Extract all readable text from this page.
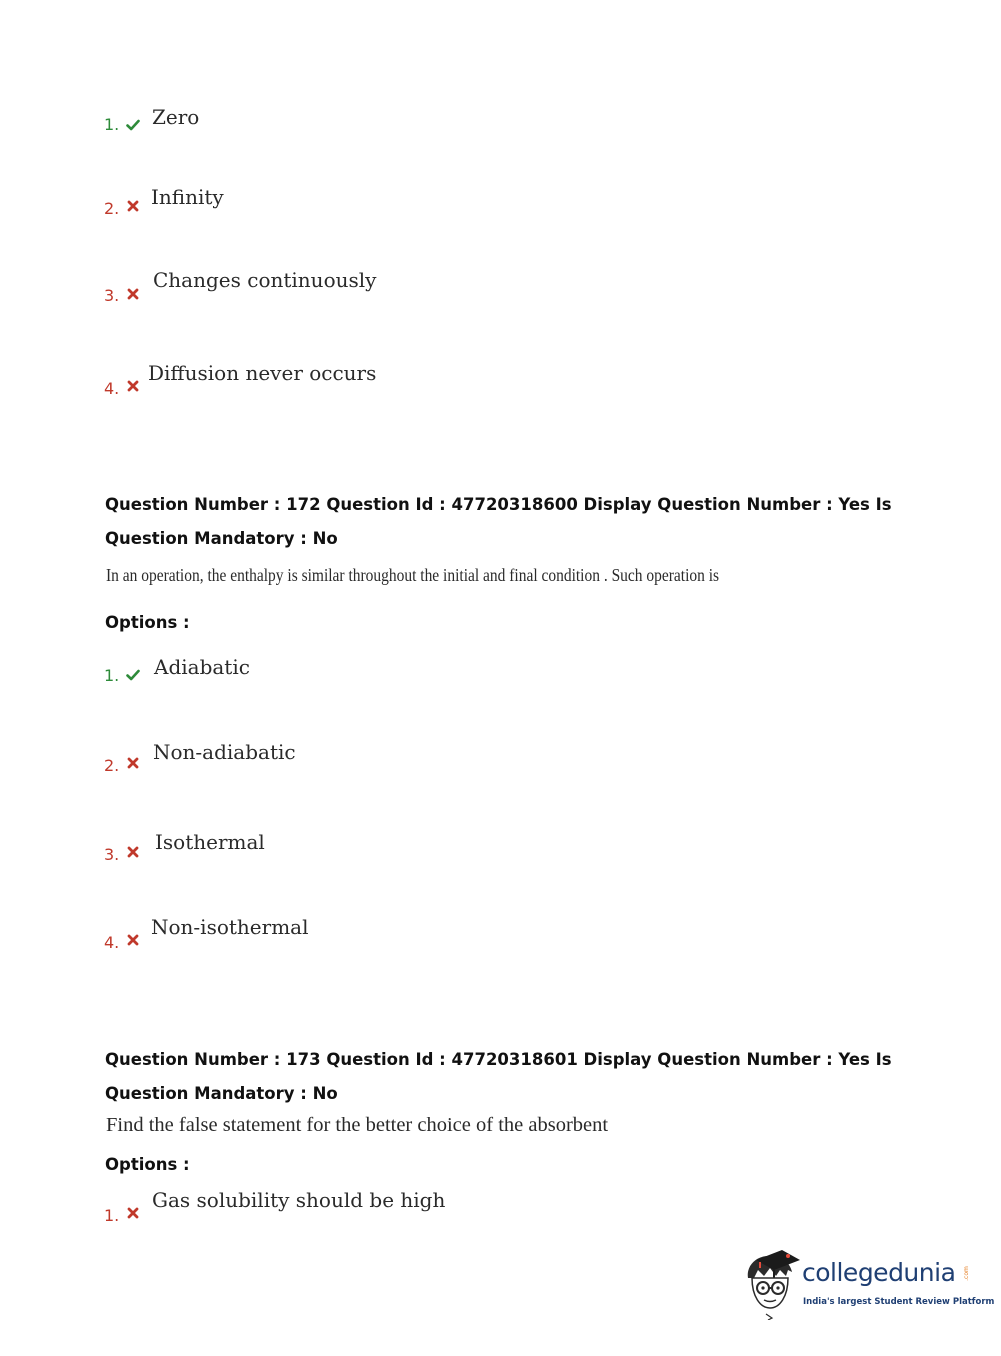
1. Zero
2. Infinity
3.
Changes continuously
4.
Diffusion never occurs
Question Number : 172 Question Id : 47720318600 Display Question Number : Yes Is Question Mandatory : No
In an operation, the enthalpy is similar throughout the initial and final condition . Such operation is
Options :
1. Adiabatic
2.
Non-adiabatic
3.
Isothermal
4.
Non-isothermal
Question Number : 173 Question Id : 47720318601 Display Question Number : Yes Is Question Mandatory : No
Find the false statement for the better choice of the absorbent
Options :
1.
Gas solubility should be high
collegedunia .com
India's largest Student Review Platform
